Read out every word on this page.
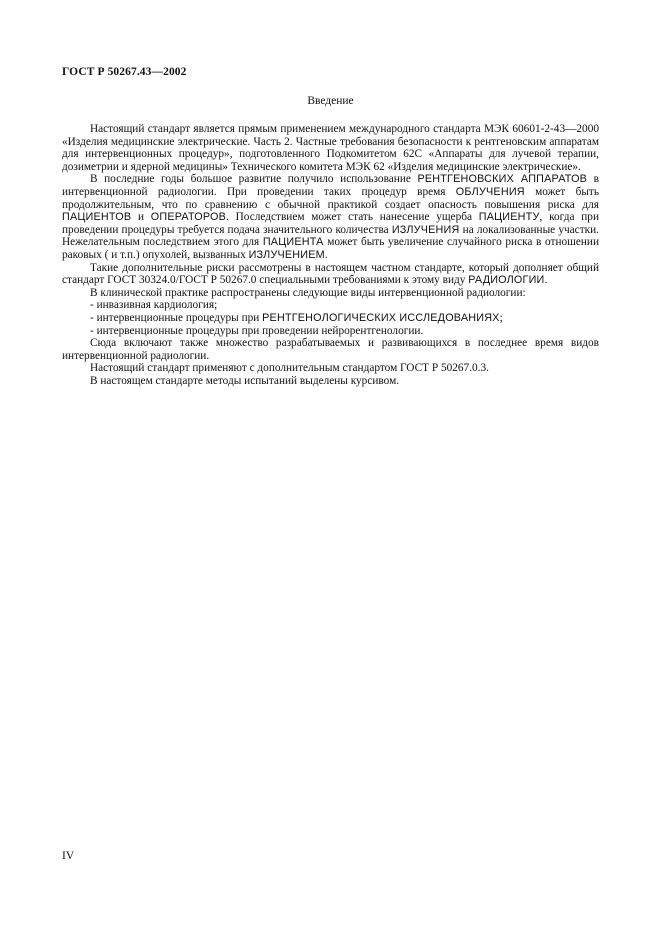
ГОСТ Р 50267.43—2002
Введение

Настоящий стандарт является прямым применением международного стандарта МЭК 60601-2-43—2000 «Изделия медицинские электрические. Часть 2. Частные требования безопасности к рентгеновским аппаратам для интервенционных процедур», подготовленного Подкомитетом 62С «Аппараты для лучевой терапии, дозиметрии и ядерной медицины» Технического комитета МЭК 62 «Изделия медицинские электрические».

В последние годы большое развитие получило использование РЕНТГЕНОВСКИХ АППАРАТОВ в интервенционной радиологии. При проведении таких процедур время ОБЛУЧЕНИЯ может быть продолжительным, что по сравнению с обычной практикой создает опасность повышения риска для ПАЦИЕНТОВ и ОПЕРАТОРОВ. Последствием может стать нанесение ущерба ПАЦИЕНТУ, когда при проведении процедуры требуется подача значительного количества ИЗЛУЧЕНИЯ на локализованные участки. Нежелательным последствием этого для ПАЦИЕНТА может быть увеличение случайного риска в отношении раковых ( и т.п.) опухолей, вызванных ИЗЛУЧЕНИЕМ.

Такие дополнительные риски рассмотрены в настоящем частном стандарте, который дополняет общий стандарт ГОСТ 30324.0/ГОСТ Р 50267.0 специальными требованиями к этому виду РАДИОЛОГИИ.

В клинической практике распространены следующие виды интервенционной радиологии:

- инвазивная кардиология;
- интервенционные процедуры при РЕНТГЕНОЛОГИЧЕСКИХ ИССЛЕДОВАНИЯХ;
- интервенционные процедуры при проведении нейрорентгенологии.

Сюда включают также множество разрабатываемых и развивающихся в последнее время видов интервенционной радиологии.

Настоящий стандарт применяют с дополнительным стандартом ГОСТ Р 50267.0.3.

В настоящем стандарте методы испытаний выделены курсивом.

IV
